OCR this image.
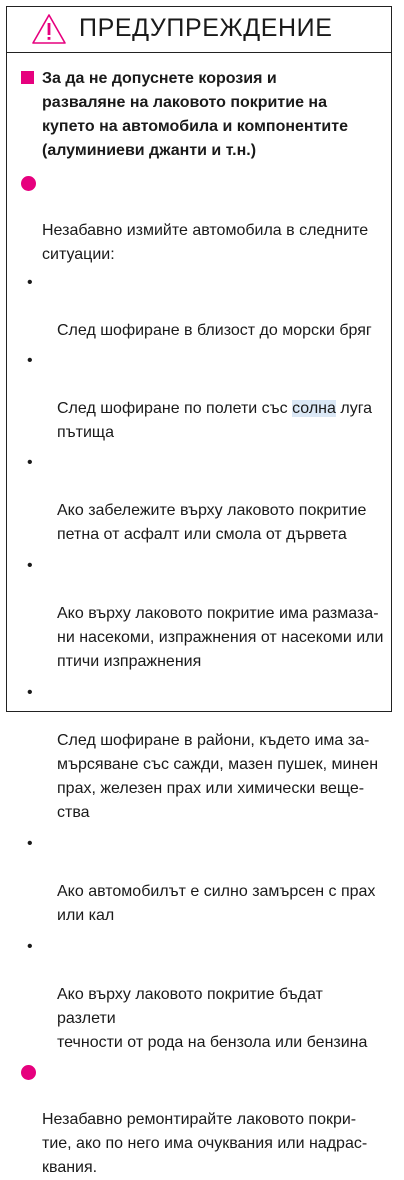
ПРЕДУПРЕЖДЕНИЕ
За да не допуснете корозия и
разваляне на лаковото покритие на
купето на автомобила и компонентите
(алуминиеви джанти и т.н.)

Незабавно измийте автомобила в следните
ситуации:

•

След шофиране в близост до морски бряг

•

След шофиране по полети със солна луга
пътища

•

Ако забележите върху лаковото покритие
петна от асфалт или смола от дървета

•

Ако върху лаковото покритие има размаза-
ни насекоми, изпражнения от насекоми или
птичи изпражнения

•

След шофиране в райони, където има за-
мърсяване със сажди, мазен пушек, минен
прах, железен прах или химически веще-
ства

•

Ако автомобилът е силно замърсен с прах
или кал

•

Ако върху лаковото покритие бъдат разлети
течности от рода на бензола или бензина

Незабавно ремонтирайте лаковото покри-
тие, ако по него има очуквания или надрас-
квания.
